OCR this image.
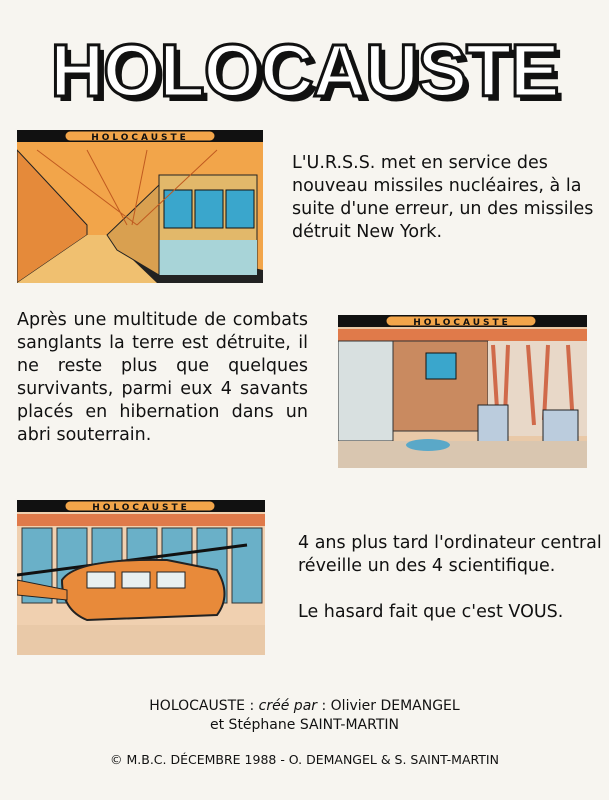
HOLOCAUSTE
HOLOCAUSTE

L'U.R.S.S. met en service des nouveau missiles nucléaires, à la suite d'une erreur, un des missiles détruit New York.

Après une multitude de combats sanglants la terre est détruite, il ne reste plus que quelques survivants, parmi eux 4 savants placés en hibernation dans un abri souterrain.

HOLOCAUSTE
HOLOCAUSTE

4 ans plus tard l'ordinateur central réveille un des 4 scientifique.

Le hasard fait que c'est VOUS.

HOLOCAUSTE : créé par : Olivier DEMANGEL
et Stéphane SAINT-MARTIN
© M.B.C. DÉCEMBRE 1988 - O. DEMANGEL & S. SAINT-MARTIN
